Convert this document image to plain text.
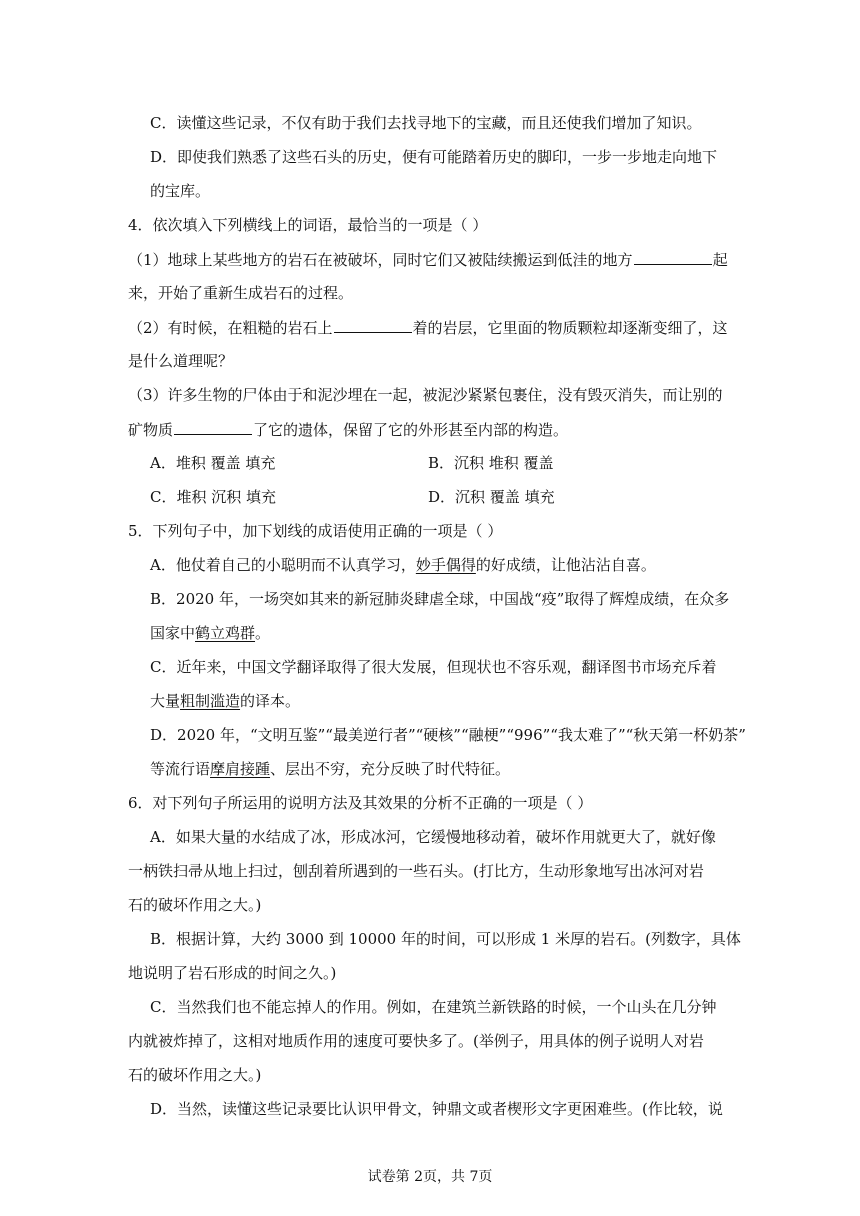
C．读懂这些记录，不仅有助于我们去找寻地下的宝藏，而且还使我们增加了知识。
D．即使我们熟悉了这些石头的历史，便有可能踏着历史的脚印，一步一步地走向地下
的宝库。
4．依次填入下列横线上的词语，最恰当的一项是（ ）
（1）地球上某些地方的岩石在被破坏，同时它们又被陆续搬运到低洼的地方	起
来，开始了重新生成岩石的过程。
（2）有时候，在粗糙的岩石上	着的岩层，它里面的物质颗粒却逐渐变细了，这
是什么道理呢？
（3）许多生物的尸体由于和泥沙埋在一起，被泥沙紧紧包裹住，没有毁灭消失，而让别的
矿物质	了它的遗体，保留了它的外形甚至内部的构造。
A．堆积 覆盖 填充	B．沉积 堆积 覆盖
C．堆积 沉积 填充	D．沉积 覆盖 填充
5．下列句子中，加下划线的成语使用正确的一项是（ ）
A．他仗着自己的小聪明而不认真学习，妙手偶得的好成绩，让他沾沾自喜。
B．2020 年，一场突如其来的新冠肺炎肆虐全球，中国战“疫”取得了辉煌成绩，在众多
国家中鹤立鸡群。
C．近年来，中国文学翻译取得了很大发展，但现状也不容乐观，翻译图书市场充斥着
大量粗制滥造的译本。
D．2020 年，“文明互鉴”“最美逆行者”“硬核”“融梗”“996”“我太难了”“秋天第一杯奶茶”
等流行语摩肩接踵、层出不穷，充分反映了时代特征。
6．对下列句子所运用的说明方法及其效果的分析不正确的一项是（ ）
A．如果大量的水结成了冰，形成冰河，它缓慢地移动着，破坏作用就更大了，就好像
一柄铁扫帚从地上扫过，刨刮着所遇到的一些石头。(打比方，生动形象地写出冰河对岩
石的破坏作用之大。)
B．根据计算，大约 3000 到 10000 年的时间，可以形成 1 米厚的岩石。(列数字，具体
地说明了岩石形成的时间之久。)
C．当然我们也不能忘掉人的作用。例如，在建筑兰新铁路的时候，一个山头在几分钟
内就被炸掉了，这相对地质作用的速度可要快多了。(举例子，用具体的例子说明人对岩
石的破坏作用之大。)
D．当然，读懂这些记录要比认识甲骨文，钟鼎文或者楔形文字更困难些。(作比较，说
试卷第 2页，共 7页
